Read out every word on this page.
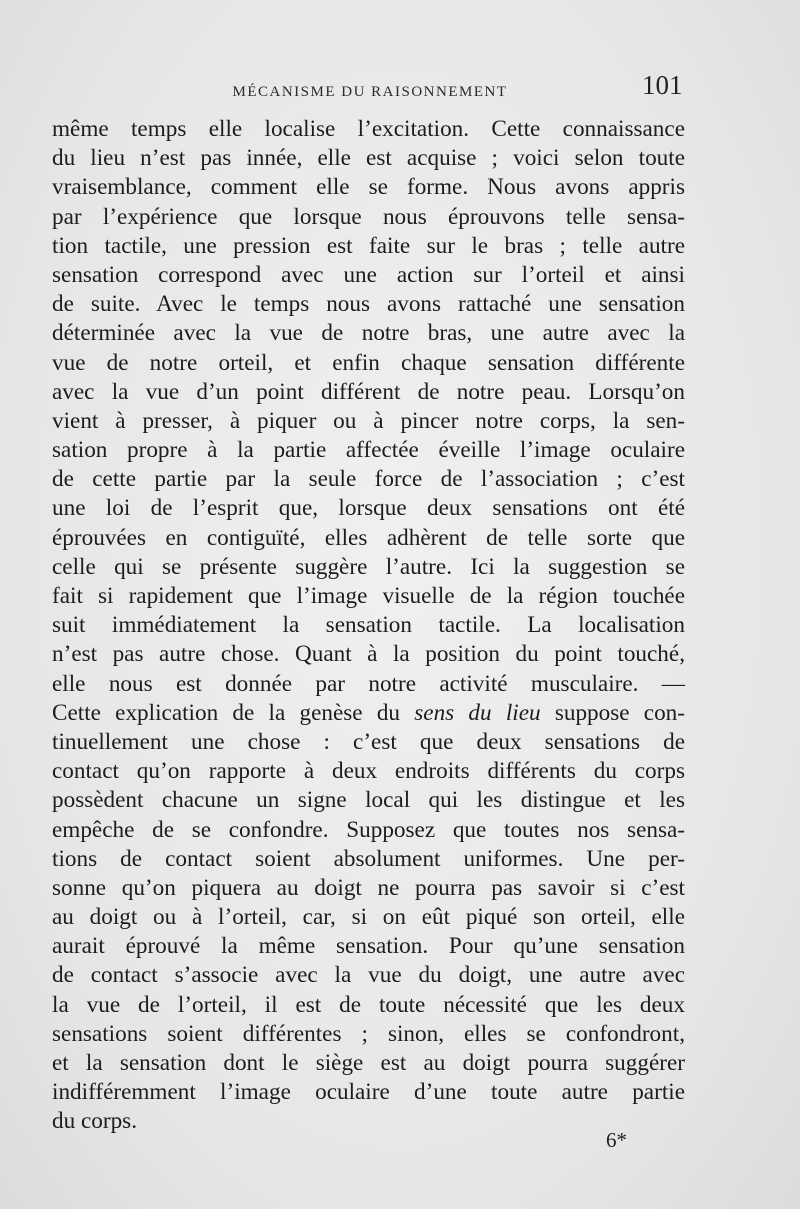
MÉCANISME DU RAISONNEMENT	101
même temps elle localise l’excitation. Cette connaissance
du lieu n’est pas innée, elle est acquise ; voici selon toute
vraisemblance, comment elle se forme. Nous avons appris
par l’expérience que lorsque nous éprouvons telle sensa-
tion tactile, une pression est faite sur le bras ; telle autre
sensation correspond avec une action sur l’orteil et ainsi
de suite. Avec le temps nous avons rattaché une sensation
déterminée avec la vue de notre bras, une autre avec la
vue de notre orteil, et enfin chaque sensation différente
avec la vue d’un point différent de notre peau. Lorsqu’on
vient à presser, à piquer ou à pincer notre corps, la sen-
sation propre à la partie affectée éveille l’image oculaire
de cette partie par la seule force de l’association ; c’est
une loi de l’esprit que, lorsque deux sensations ont été
éprouvées en contiguïté, elles adhèrent de telle sorte que
celle qui se présente suggère l’autre. Ici la suggestion se
fait si rapidement que l’image visuelle de la région touchée
suit immédiatement la sensation tactile. La localisation
n’est pas autre chose. Quant à la position du point touché,
elle nous est donnée par notre activité musculaire. —
Cette explication de la genèse du sens du lieu suppose con-
tinuellement une chose : c’est que deux sensations de
contact qu’on rapporte à deux endroits différents du corps
possèdent chacune un signe local qui les distingue et les
empêche de se confondre. Supposez que toutes nos sensa-
tions de contact soient absolument uniformes. Une per-
sonne qu’on piquera au doigt ne pourra pas savoir si c’est
au doigt ou à l’orteil, car, si on eût piqué son orteil, elle
aurait éprouvé la même sensation. Pour qu’une sensation
de contact s’associe avec la vue du doigt, une autre avec
la vue de l’orteil, il est de toute nécessité que les deux
sensations soient différentes ; sinon, elles se confondront,
et la sensation dont le siège est au doigt pourra suggérer
indifféremment l’image oculaire d’une toute autre partie
du corps.
6*
